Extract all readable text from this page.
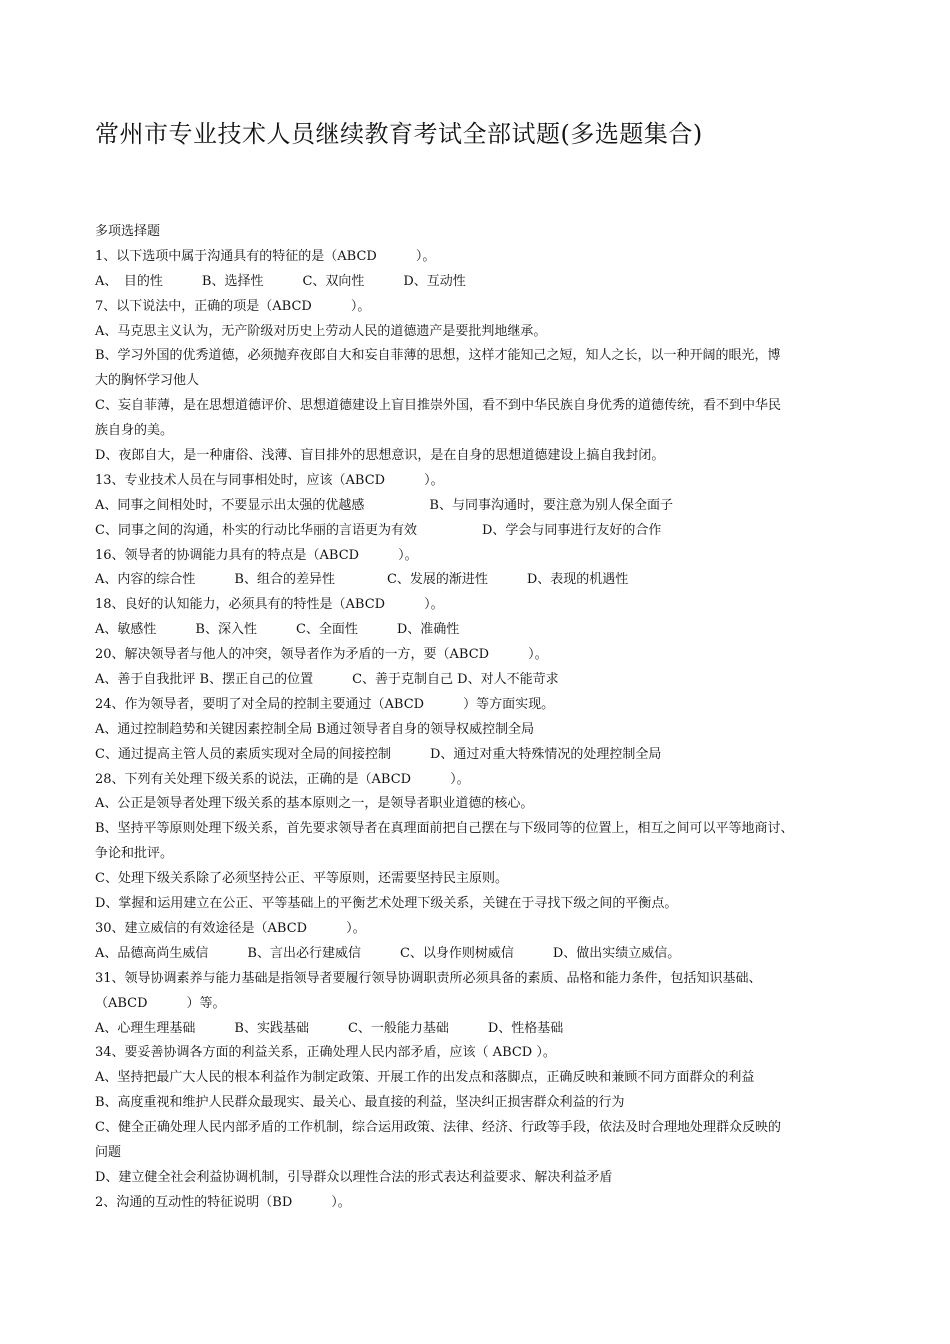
常州市专业技术人员继续教育考试全部试题(多选题集合)
多项选择题
1、以下选项中属于沟通具有的特征的是（ABCD　　　）。
A、　目的性　　　B、选择性　　　C、双向性　　　D、互动性
7、以下说法中，正确的项是（ABCD　　　）。
A、马克思主义认为，无产阶级对历史上劳动人民的道德遗产是要批判地继承。
B、学习外国的优秀道德，必须抛弃夜郎自大和妄自菲薄的思想，这样才能知己之短，知人之长，以一种开阔的眼光，博
大的胸怀学习他人
C、妄自菲薄，是在思想道德评价、思想道德建设上盲目推崇外国，看不到中华民族自身优秀的道德传统，看不到中华民
族自身的美。
D、夜郎自大，是一种庸俗、浅薄、盲目排外的思想意识，是在自身的思想道德建设上搞自我封闭。
13、专业技术人员在与同事相处时，应该（ABCD　　　）。
A、同事之间相处时，不要显示出太强的优越感　　　　　B、与同事沟通时，要注意为别人保全面子
C、同事之间的沟通，朴实的行动比华丽的言语更为有效　　　　　D、学会与同事进行友好的合作
16、领导者的协调能力具有的特点是（ABCD　　　）。
A、内容的综合性　　　B、组合的差异性　　　　C、发展的渐进性　　　D、表现的机遇性
18、良好的认知能力，必须具有的特性是（ABCD　　　）。
A、敏感性　　　B、深入性　　　C、全面性　　　D、准确性
20、解决领导者与他人的冲突，领导者作为矛盾的一方，要（ABCD　　　）。
A、善于自我批评 B、摆正自己的位置　　　C、善于克制自己 D、对人不能苛求
24、作为领导者，要明了对全局的控制主要通过（ABCD　　　）等方面实现。
A、通过控制趋势和关键因素控制全局 B通过领导者自身的领导权威控制全局
C、通过提高主管人员的素质实现对全局的间接控制　　　D、通过对重大特殊情况的处理控制全局
28、下列有关处理下级关系的说法，正确的是（ABCD　　　）。
A、公正是领导者处理下级关系的基本原则之一，是领导者职业道德的核心。
B、坚持平等原则处理下级关系，首先要求领导者在真理面前把自己摆在与下级同等的位置上，相互之间可以平等地商讨、
争论和批评。
C、处理下级关系除了必须坚持公正、平等原则，还需要坚持民主原则。
D、掌握和运用建立在公正、平等基础上的平衡艺术处理下级关系，关键在于寻找下级之间的平衡点。
30、建立威信的有效途径是（ABCD　　　）。
A、品德高尚生威信　　　B、言出必行建威信　　　C、以身作则树威信　　　D、做出实绩立威信。
31、领导协调素养与能力基础是指领导者要履行领导协调职责所必须具备的素质、品格和能力条件，包括知识基础、
（ABCD　　　）等。
A、心理生理基础　　　B、实践基础　　　C、一般能力基础　　　D、性格基础
34、要妥善协调各方面的利益关系，正确处理人民内部矛盾，应该（ ABCD ）。
A、坚持把最广大人民的根本利益作为制定政策、开展工作的出发点和落脚点，正确反映和兼顾不同方面群众的利益
B、高度重视和维护人民群众最现实、最关心、最直接的利益，坚决纠正损害群众利益的行为
C、健全正确处理人民内部矛盾的工作机制，综合运用政策、法律、经济、行政等手段，依法及时合理地处理群众反映的
问题
D、建立健全社会利益协调机制，引导群众以理性合法的形式表达利益要求、解决利益矛盾
2、沟通的互动性的特征说明（BD　　　）。
